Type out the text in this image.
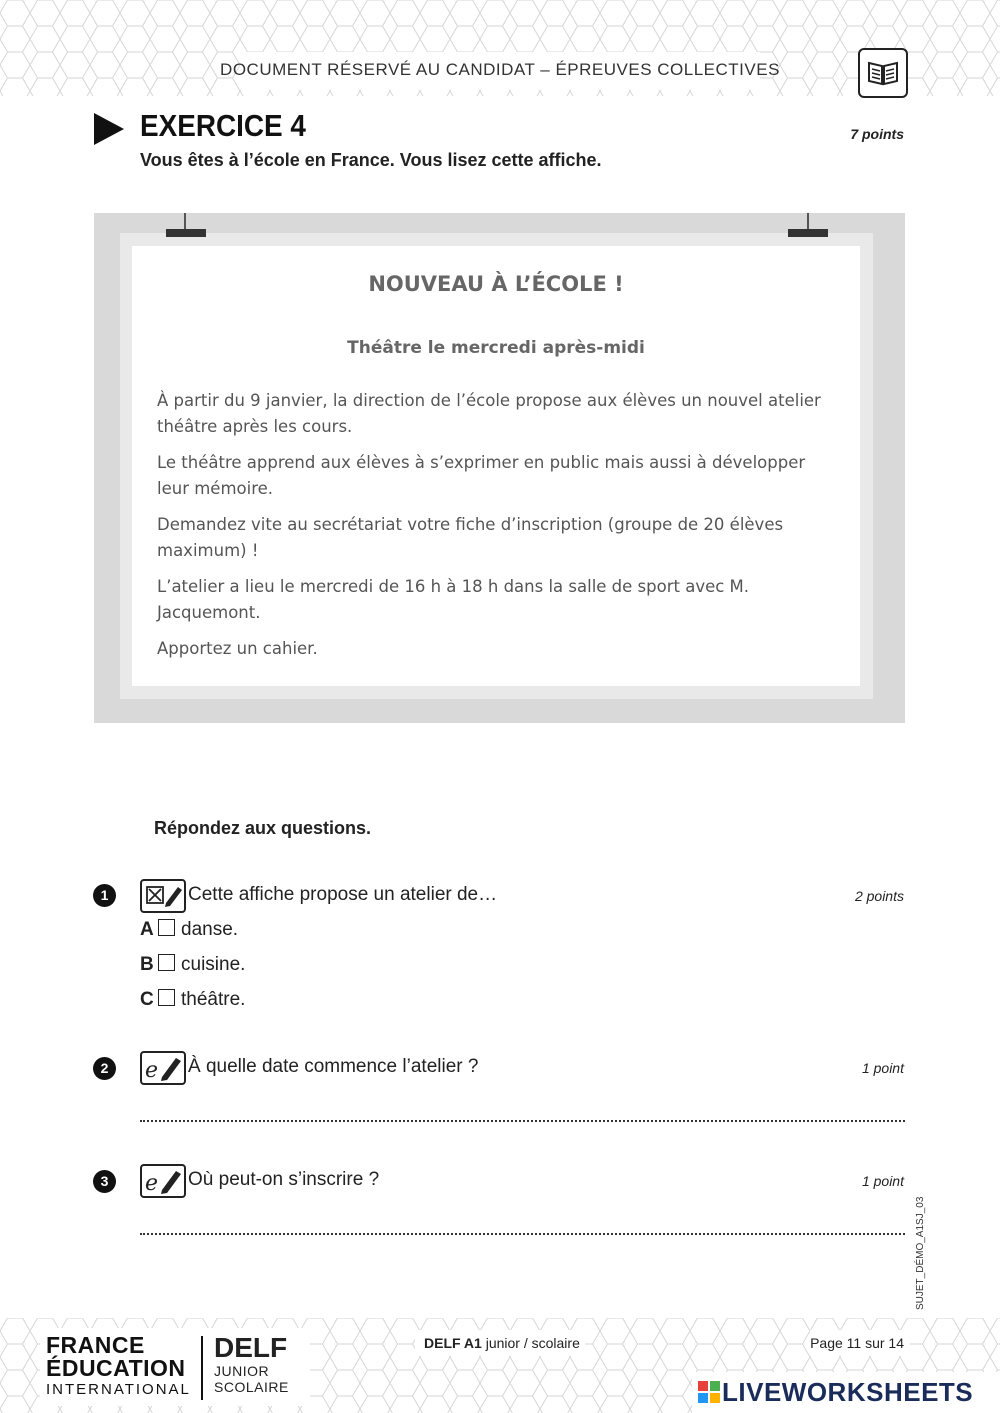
DOCUMENT RÉSERVÉ AU CANDIDAT – ÉPREUVES COLLECTIVES
EXERCICE 4	7 points
Vous êtes à l’école en France. Vous lisez cette affiche.
NOUVEAU À L’ÉCOLE !
Théâtre le mercredi après-midi

À partir du 9 janvier, la direction de l’école propose aux élèves un nouvel atelier théâtre après les cours.

Le théâtre apprend aux élèves à s’exprimer en public mais aussi à développer leur mémoire.

Demandez vite au secrétariat votre fiche d’inscription (groupe de 20 élèves maximum) !

L’atelier a lieu le mercredi de 16 h à 18 h dans la salle de sport avec M. Jacquemont.

Apportez un cahier.

Répondez aux questions.
1	Cette affiche propose un atelier de…	2 points
A danse.
B cuisine.
C théâtre.
2	e À quelle date commence l’atelier ?	1 point
3	e Où peut-on s’inscrire ?	1 point
SUJET_DÉMO_A1SJ_03
FRANCE
ÉDUCATION
INTERNATIONAL
DELF
JUNIOR
SCOLAIRE
DELF A1 junior / scolaire	Page 11 sur 14
LIVEWORKSHEETS
